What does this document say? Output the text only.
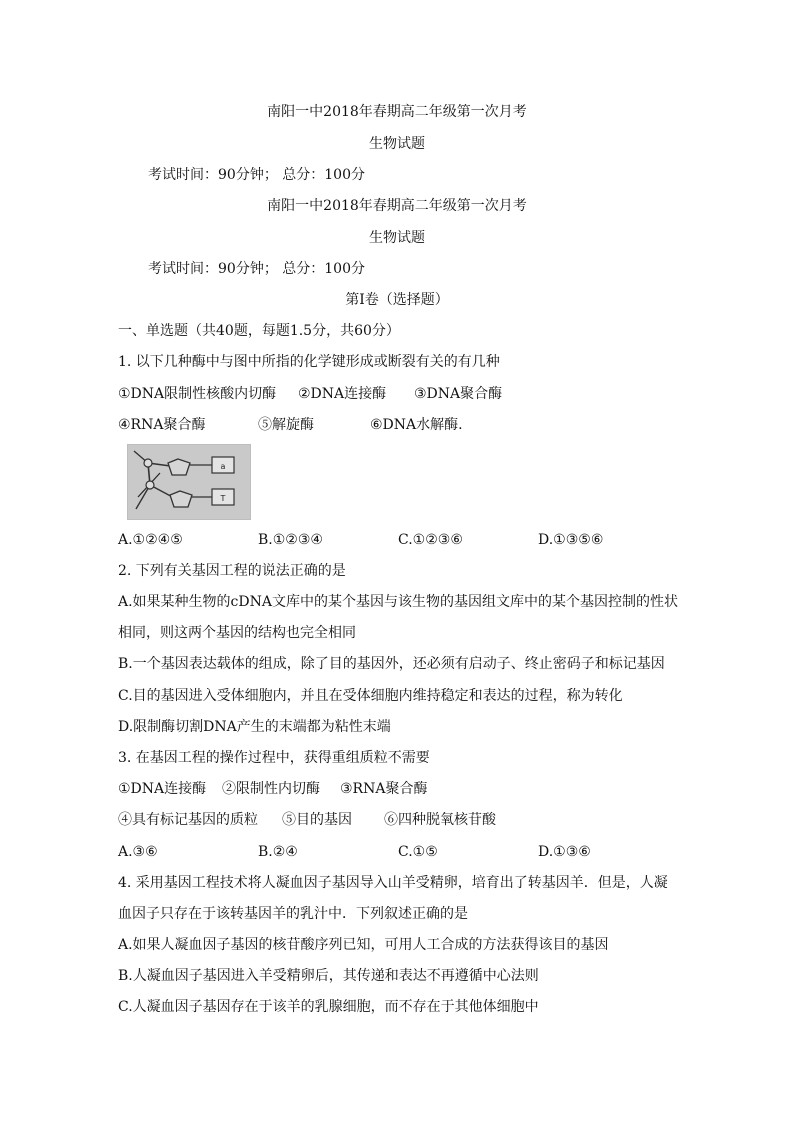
南阳一中2018年春期高二年级第一次月考
生物试题
考试时间：90分钟； 总分：100分
南阳一中2018年春期高二年级第一次月考
生物试题
考试时间：90分钟； 总分：100分
第Ⅰ卷（选择题）
一、单选题（共40题，每题1.5分，共60分）
1. 以下几种酶中与图中所指的化学键形成或断裂有关的有几种
①DNA限制性核酸内切酶 ②DNA连接酶 ③DNA聚合酶
④RNA聚合酶	⑤解旋酶	⑥DNA水解酶.
a
T
A.①②④⑤	B.①②③④	C.①②③⑥	D.①③⑤⑥
2. 下列有关基因工程的说法正确的是
A.如果某种生物的cDNA文库中的某个基因与该生物的基因组文库中的某个基因控制的性状
相同，则这两个基因的结构也完全相同
B.一个基因表达载体的组成，除了目的基因外，还必须有启动子、终止密码子和标记基因
C.目的基因进入受体细胞内，并且在受体细胞内维持稳定和表达的过程，称为转化
D.限制酶切割DNA产生的末端都为粘性末端
3. 在基因工程的操作过程中，获得重组质粒不需要
①DNA连接酶 ②限制性内切酶 ③RNA聚合酶
④具有标记基因的质粒 ⑤目的基因 ⑥四种脱氧核苷酸
A.③⑥	B.②④	C.①⑤	D.①③⑥
4. 采用基因工程技术将人凝血因子基因导入山羊受精卵，培育出了转基因羊．但是，人凝
血因子只存在于该转基因羊的乳汁中．下列叙述正确的是
A.如果人凝血因子基因的核苷酸序列已知，可用人工合成的方法获得该目的基因
B.人凝血因子基因进入羊受精卵后，其传递和表达不再遵循中心法则
C.人凝血因子基因存在于该羊的乳腺细胞，而不存在于其他体细胞中
